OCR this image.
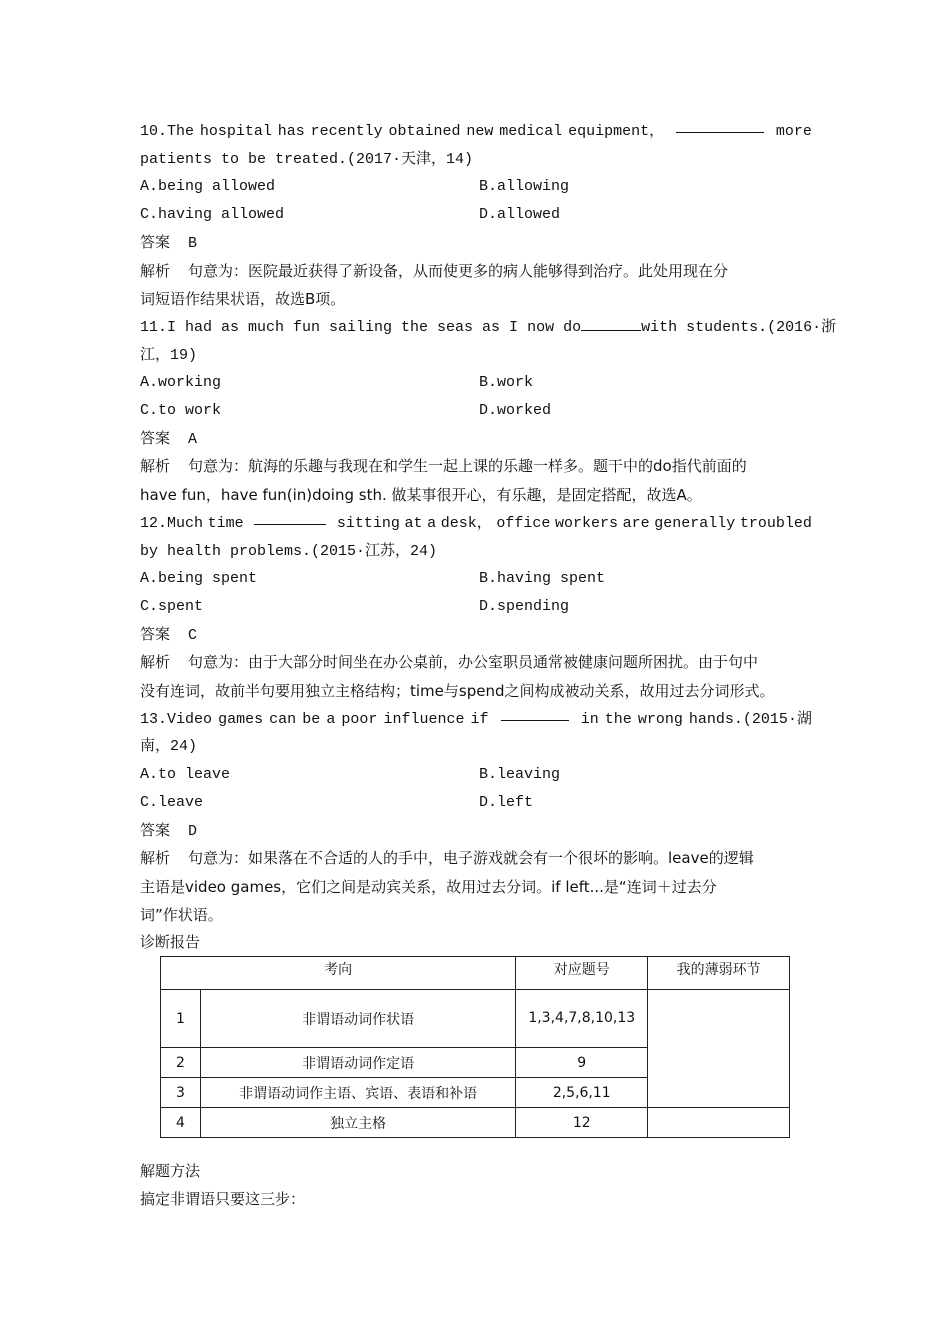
10.The hospital has recently obtained new medical equipment，	more
patients to be treated.(2017·天津，14)
A.being allowed	B.allowing
C.having allowed	D.allowed
答案 B
解析 句意为：医院最近获得了新设备，从而使更多的病人能够得到治疗。此处用现在分
词短语作结果状语，故选B项。
11.I had as much fun sailing the seas as I now do	with students.(2016·浙
江，19)
A.working	B.work
C.to work	D.worked
答案 A
解析 句意为：航海的乐趣与我现在和学生一起上课的乐趣一样多。题干中的do指代前面的
have fun，have fun(in)doing sth. 做某事很开心，有乐趣，是固定搭配，故选A。
12.Much time	sitting at a desk， office workers are generally troubled
by health problems.(2015·江苏，24)
A.being spent	B.having spent
C.spent	D.spending
答案 C
解析 句意为：由于大部分时间坐在办公桌前，办公室职员通常被健康问题所困扰。由于句中
没有连词，故前半句要用独立主格结构；time与spend之间构成被动关系，故用过去分词形式。
13.Video games can be a poor influence if	in the wrong hands.(2015·湖
南，24)
A.to leave	B.leaving
C.leave	D.left
答案 D
解析 句意为：如果落在不合适的人的手中，电子游戏就会有一个很坏的影响。leave的逻辑
主语是video games，它们之间是动宾关系，故用过去分词。if left...是“连词＋过去分
词”作状语。
诊断报告
考向		对应题号	我的薄弱环节
1	非谓语动词作状语	1,3,4,7,8,10,13	
2	非谓语动词作定语	9	
3	非谓语动词作主语、宾语、表语和补语	2,5,6,11	
4	独立主格	12	
解题方法
搞定非谓语只要这三步：
